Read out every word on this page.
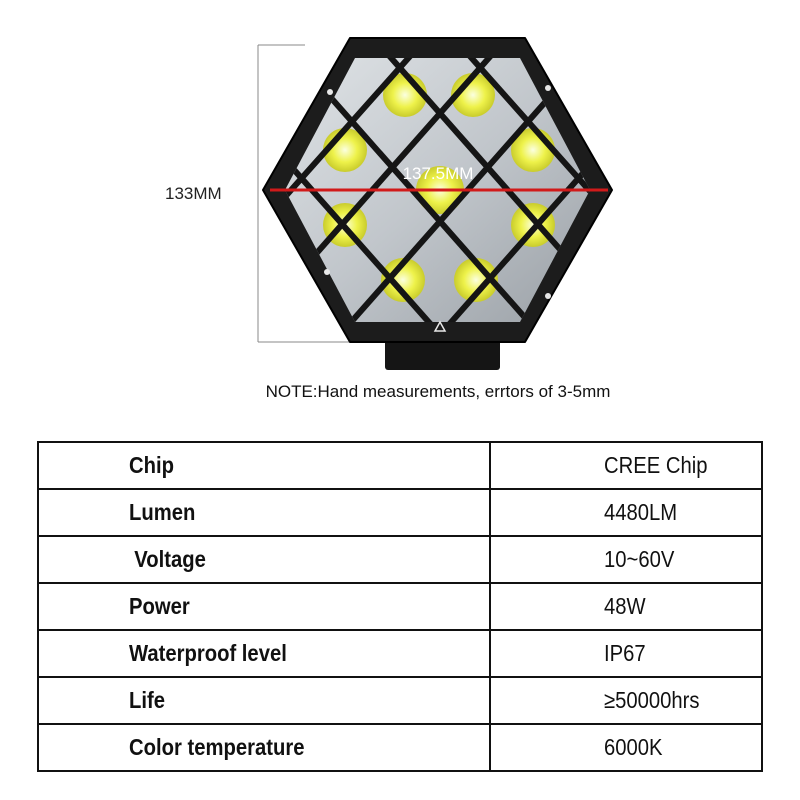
137.5MM
133MM
NOTE:Hand measurements, errtors of 3-5mm
Chip	CREE Chip
Lumen	4480LM
Voltage	10~60V
Power	48W
Waterproof level	IP67
Life	≥50000hrs
Color temperature	6000K
